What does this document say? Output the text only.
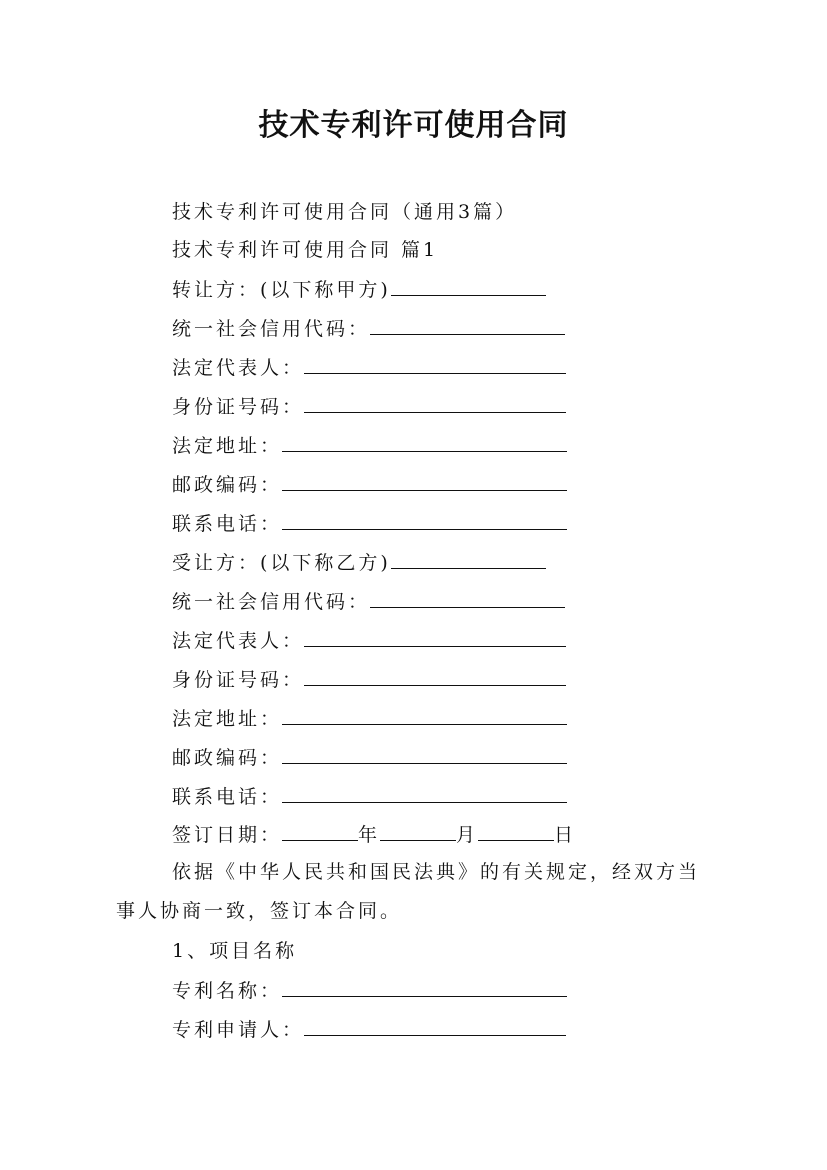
技术专利许可使用合同
技术专利许可使用合同（通用3篇）
技术专利许可使用合同 篇1
转让方：(以下称甲方)
统一社会信用代码：
法定代表人：
身份证号码：
法定地址：
邮政编码：
联系电话：
受让方：(以下称乙方)
统一社会信用代码：
法定代表人：
身份证号码：
法定地址：
邮政编码：
联系电话：
签订日期：	年	月	日
依据《中华人民共和国民法典》的有关规定，经双方当事人协商一致，签订本合同。
1、项目名称
专利名称：
专利申请人：
